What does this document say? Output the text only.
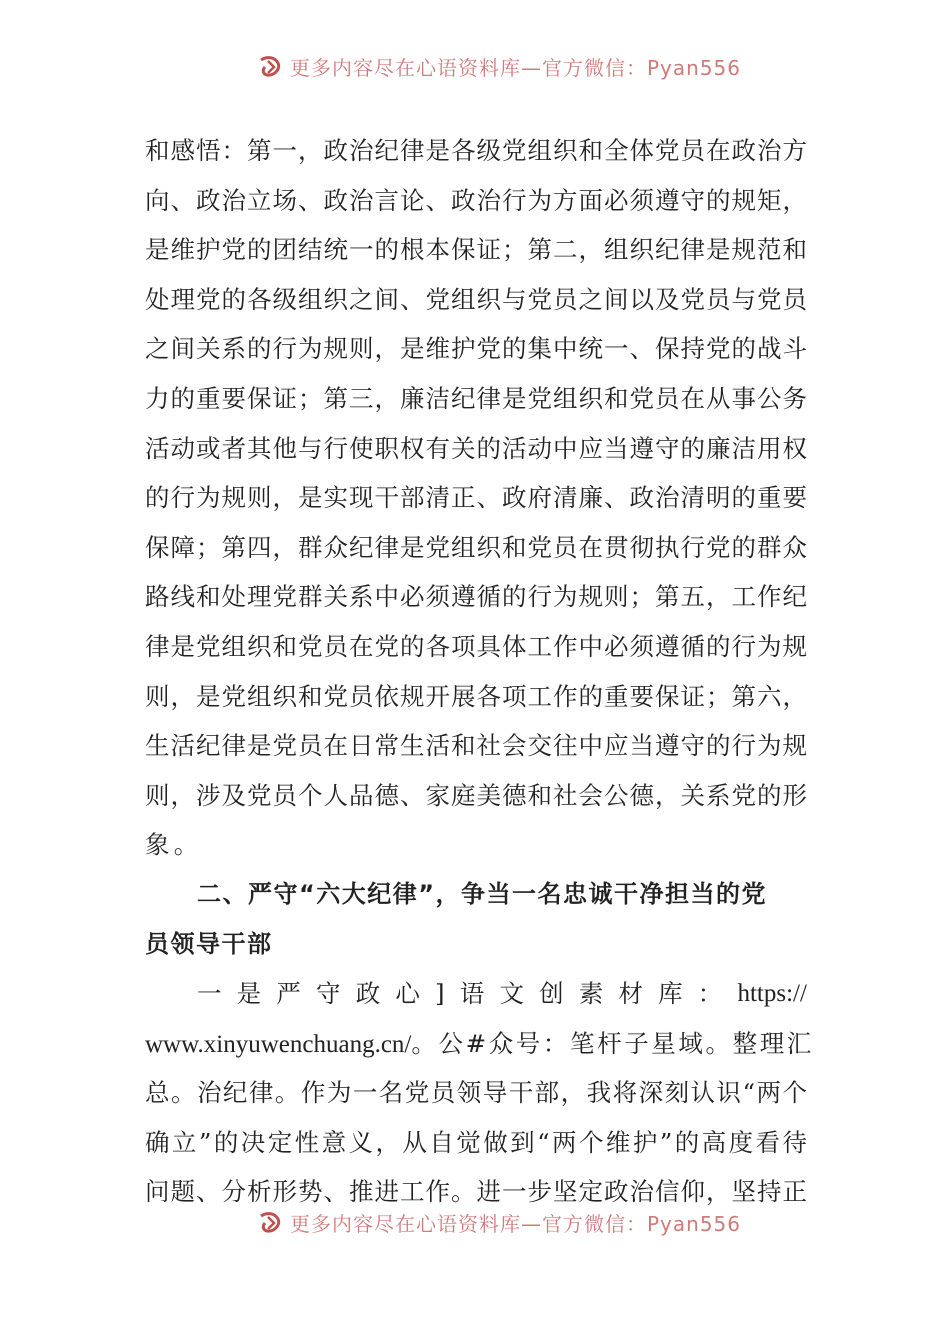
更多内容尽在心语资料库—官方微信：Pyan556
和感悟：第一，政治纪律是各级党组织和全体党员在政治方
向、政治立场、政治言论、政治行为方面必须遵守的规矩，
是维护党的团结统一的根本保证；第二，组织纪律是规范和
处理党的各级组织之间、党组织与党员之间以及党员与党员
之间关系的行为规则，是维护党的集中统一、保持党的战斗
力的重要保证；第三，廉洁纪律是党组织和党员在从事公务
活动或者其他与行使职权有关的活动中应当遵守的廉洁用权
的行为规则，是实现干部清正、政府清廉、政治清明的重要
保障；第四，群众纪律是党组织和党员在贯彻执行党的群众
路线和处理党群关系中必须遵循的行为规则；第五，工作纪
律是党组织和党员在党的各项具体工作中必须遵循的行为规
则，是党组织和党员依规开展各项工作的重要保证；第六，
生活纪律是党员在日常生活和社会交往中应当遵守的行为规
则，涉及党员个人品德、家庭美德和社会公德，关系党的形
象。
二、严守“六大纪律”，争当一名忠诚干净担当的党
员领导干部
一 是 严 守 政 心 ] 语 文 创 素 材 库 ： https://
www.xinyuwenchuang.cn/。公#众号：笔杆子星域。整理汇
总。治纪律。作为一名党员领导干部，我将深刻认识“两个
确立”的决定性意义，从自觉做到“两个维护”的高度看待
问题、分析形势、推进工作。进一步坚定政治信仰，坚持正
更多内容尽在心语资料库—官方微信：Pyan556
